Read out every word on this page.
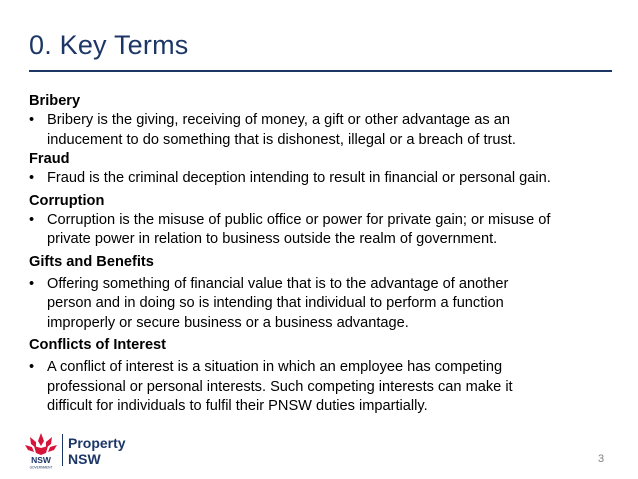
0. Key Terms
Bribery
• Bribery is the giving, receiving of money, a gift or other advantage as an
inducement to do something that is dishonest, illegal or a breach of trust.
Fraud
• Fraud is the criminal deception intending to result in financial or personal gain.
Corruption
• Corruption is the misuse of public office or power for private gain; or misuse of
private power in relation to business outside the realm of government.
Gifts and Benefits
• Offering something of financial value that is to the advantage of another
person and in doing so is intending that individual to perform a function
improperly or secure business or a business advantage.
Conflicts of Interest
• A conflict of interest is a situation in which an employee has competing
professional or personal interests. Such competing interests can make it
difficult for individuals to fulfil their PNSW duties impartially.
NSW
GOVERNMENT
Property
NSW	3
